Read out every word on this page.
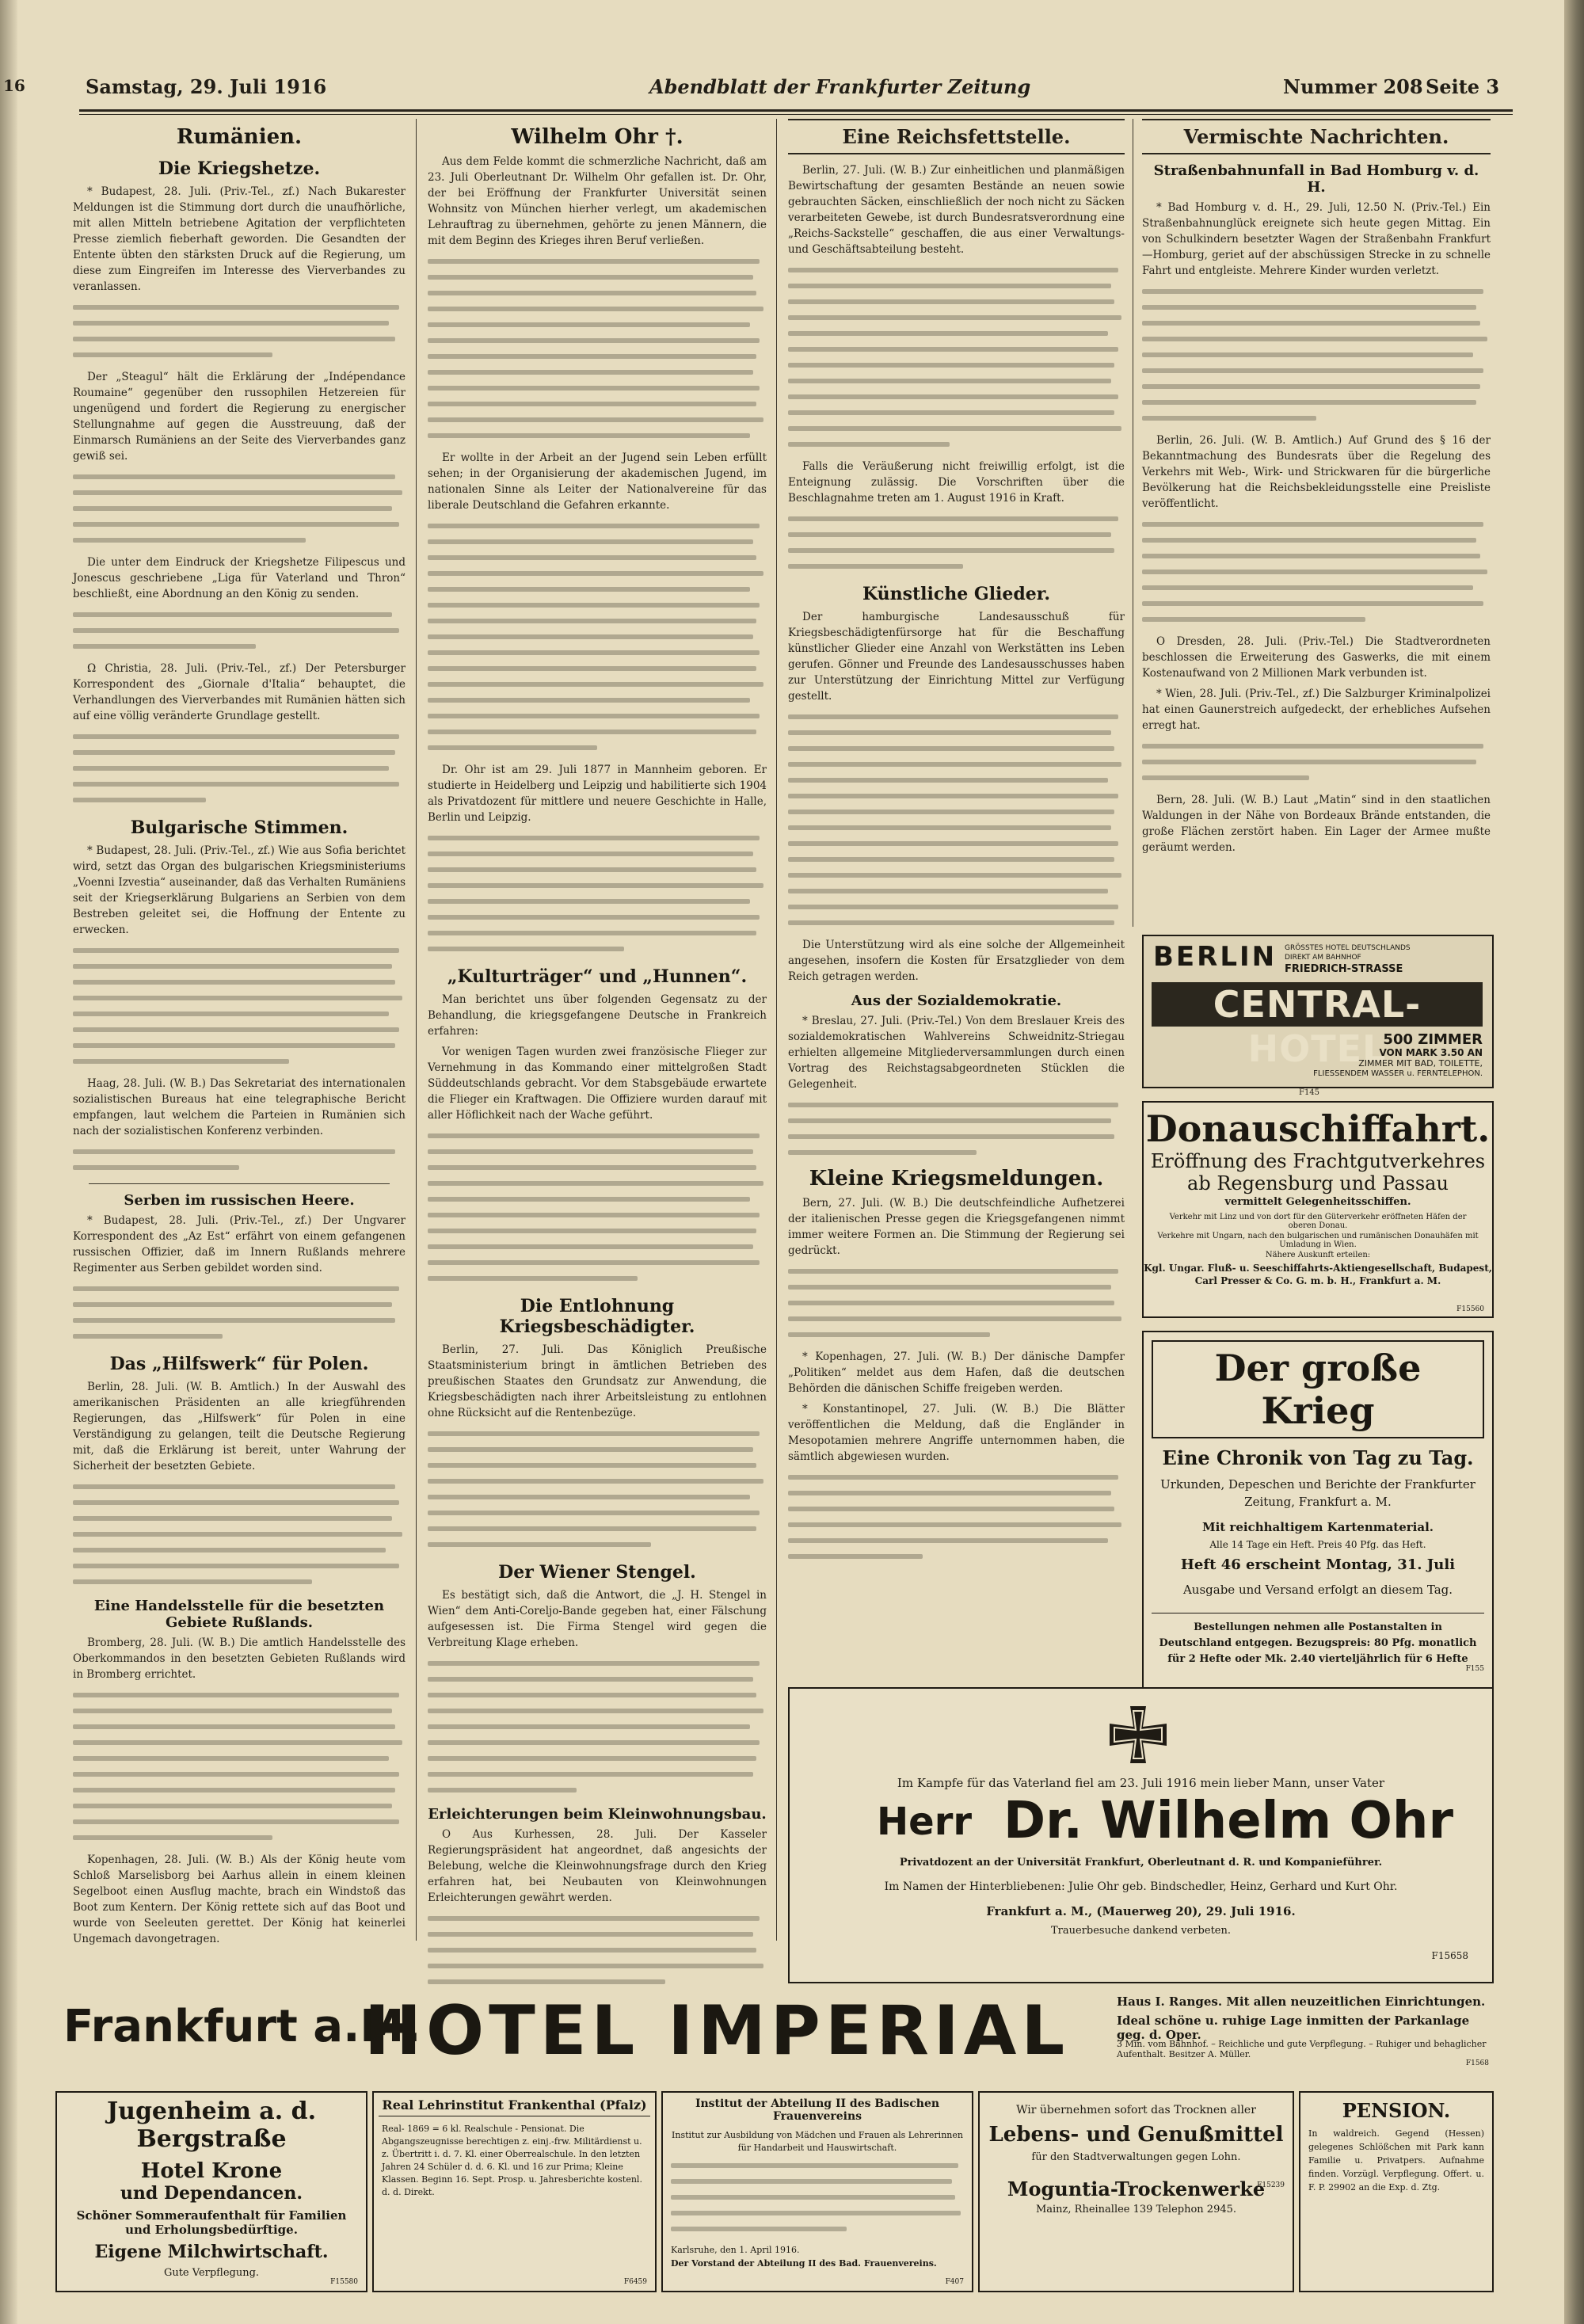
16	Samstag, 29. Juli 1916	Abendblatt der Frankfurter Zeitung	Nummer 208 Seite 3
Rumänien.
Die Kriegshetze.

* Budapest, 28. Juli. (Priv.-Tel., zf.) Nach Bukarester Meldungen ist die Stimmung dort durch die unaufhörliche, mit allen Mitteln betriebene Agitation der verpflichteten Presse ziemlich fieberhaft geworden. Die Gesandten der Entente übten den stärksten Druck auf die Regierung, um diese zum Eingreifen im Interesse des Vierverbandes zu veranlassen.

Der „Steagul“ hält die Erklärung der „Indépendance Roumaine“ gegenüber den russophilen Hetzereien für ungenügend und fordert die Regierung zu energischer Stellungnahme auf gegen die Ausstreuung, daß der Einmarsch Rumäniens an der Seite des Vierverbandes ganz gewiß sei.

Die unter dem Eindruck der Kriegshetze Filipescus und Jonescus geschriebene „Liga für Vaterland und Thron“ beschließt, eine Abordnung an den König zu senden.

Ω Christia, 28. Juli. (Priv.-Tel., zf.) Der Petersburger Korrespondent des „Giornale d'Italia“ behauptet, die Verhandlungen des Vierverbandes mit Rumänien hätten sich auf eine völlig veränderte Grundlage gestellt.

Bulgarische Stimmen.

* Budapest, 28. Juli. (Priv.-Tel., zf.) Wie aus Sofia berichtet wird, setzt das Organ des bulgarischen Kriegsministeriums „Voenni Izvestia“ auseinander, daß das Verhalten Rumäniens seit der Kriegserklärung Bulgariens an Serbien von dem Bestreben geleitet sei, die Hoffnung der Entente zu erwecken.

Haag, 28. Juli. (W. B.) Das Sekretariat des internationalen sozialistischen Bureaus hat eine telegraphische Bericht empfangen, laut welchem die Parteien in Rumänien sich nach der sozialistischen Konferenz verbinden.

Serben im russischen Heere.

* Budapest, 28. Juli. (Priv.-Tel., zf.) Der Ungvarer Korrespondent des „Az Est“ erfährt von einem gefangenen russischen Offizier, daß im Innern Rußlands mehrere Regimenter aus Serben gebildet worden sind.

Das „Hilfswerk“ für Polen.

Berlin, 28. Juli. (W. B. Amtlich.) In der Auswahl des amerikanischen Präsidenten an alle kriegführenden Regierungen, das „Hilfswerk“ für Polen in eine Verständigung zu gelangen, teilt die Deutsche Regierung mit, daß die Erklärung ist bereit, unter Wahrung der Sicherheit der besetzten Gebiete.

Eine Handelsstelle für die besetzten Gebiete Rußlands.

Bromberg, 28. Juli. (W. B.) Die amtlich Handelsstelle des Oberkommandos in den besetzten Gebieten Rußlands wird in Bromberg errichtet.

Kopenhagen, 28. Juli. (W. B.) Als der König heute vom Schloß Marselisborg bei Aarhus allein in einem kleinen Segelboot einen Ausflug machte, brach ein Windstoß das Boot zum Kentern. Der König rettete sich auf das Boot und wurde von Seeleuten gerettet. Der König hat keinerlei Ungemach davongetragen.

Wilhelm Ohr †.

Aus dem Felde kommt die schmerzliche Nachricht, daß am 23. Juli Oberleutnant Dr. Wilhelm Ohr gefallen ist. Dr. Ohr, der bei Eröffnung der Frankfurter Universität seinen Wohnsitz von München hierher verlegt, um akademischen Lehrauftrag zu übernehmen, gehörte zu jenen Männern, die mit dem Beginn des Krieges ihren Beruf verließen.

Er wollte in der Arbeit an der Jugend sein Leben erfüllt sehen; in der Organisierung der akademischen Jugend, im nationalen Sinne als Leiter der Nationalvereine für das liberale Deutschland die Gefahren erkannte.

Dr. Ohr ist am 29. Juli 1877 in Mannheim geboren. Er studierte in Heidelberg und Leipzig und habilitierte sich 1904 als Privatdozent für mittlere und neuere Geschichte in Halle, Berlin und Leipzig.

„Kulturträger“ und „Hunnen“.

Man berichtet uns über folgenden Gegensatz zu der Behandlung, die kriegsgefangene Deutsche in Frankreich erfahren:

Vor wenigen Tagen wurden zwei französische Flieger zur Vernehmung in das Kommando einer mittelgroßen Stadt Süddeutschlands gebracht. Vor dem Stabsgebäude erwartete die Flieger ein Kraftwagen. Die Offiziere wurden darauf mit aller Höflichkeit nach der Wache geführt.

Die Entlohnung Kriegsbeschädigter.

Berlin, 27. Juli. Das Königlich Preußische Staatsministerium bringt in ämtlichen Betrieben des preußischen Staates den Grundsatz zur Anwendung, die Kriegsbeschädigten nach ihrer Arbeitsleistung zu entlohnen ohne Rücksicht auf die Rentenbezüge.

Der Wiener Stengel.

Es bestätigt sich, daß die Antwort, die „J. H. Stengel in Wien“ dem Anti-Coreljo-Bande gegeben hat, einer Fälschung aufgesessen ist. Die Firma Stengel wird gegen die Verbreitung Klage erheben.

Erleichterungen beim Kleinwohnungsbau.

O Aus Kurhessen, 28. Juli. Der Kasseler Regierungspräsident hat angeordnet, daß angesichts der Belebung, welche die Kleinwohnungsfrage durch den Krieg erfahren hat, bei Neubauten von Kleinwohnungen Erleichterungen gewährt werden.

Eine Reichsfettstelle.

Berlin, 27. Juli. (W. B.) Zur einheitlichen und planmäßigen Bewirtschaftung der gesamten Bestände an neuen sowie gebrauchten Säcken, einschließlich der noch nicht zu Säcken verarbeiteten Gewebe, ist durch Bundesratsverordnung eine „Reichs-Sackstelle“ geschaffen, die aus einer Verwaltungs- und Geschäftsabteilung besteht.

Falls die Veräußerung nicht freiwillig erfolgt, ist die Enteignung zulässig. Die Vorschriften über die Beschlagnahme treten am 1. August 1916 in Kraft.

Künstliche Glieder.

Der hamburgische Landesausschuß für Kriegsbeschädigtenfürsorge hat für die Beschaffung künstlicher Glieder eine Anzahl von Werkstätten ins Leben gerufen. Gönner und Freunde des Landesausschusses haben zur Unterstützung der Einrichtung Mittel zur Verfügung gestellt.

Die Unterstützung wird als eine solche der Allgemeinheit angesehen, insofern die Kosten für Ersatzglieder von dem Reich getragen werden.

Aus der Sozialdemokratie.

* Breslau, 27. Juli. (Priv.-Tel.) Von dem Breslauer Kreis des sozialdemokratischen Wahlvereins Schweidnitz-Striegau erhielten allgemeine Mitgliederversammlungen durch einen Vortrag des Reichstagsabgeordneten Stücklen die Gelegenheit.

Kleine Kriegsmeldungen.

Bern, 27. Juli. (W. B.) Die deutschfeindliche Aufhetzerei der italienischen Presse gegen die Kriegsgefangenen nimmt immer weitere Formen an. Die Stimmung der Regierung sei gedrückt.

* Kopenhagen, 27. Juli. (W. B.) Der dänische Dampfer „Politiken“ meldet aus dem Hafen, daß die deutschen Behörden die dänischen Schiffe freigeben werden.

* Konstantinopel, 27. Juli. (W. B.) Die Blätter veröffentlichen die Meldung, daß die Engländer in Mesopotamien mehrere Angriffe unternommen haben, die sämtlich abgewiesen wurden.

Vermischte Nachrichten.
Straßenbahnunfall in Bad Homburg v. d. H.

* Bad Homburg v. d. H., 29. Juli, 12.50 N. (Priv.-Tel.) Ein Straßenbahnunglück ereignete sich heute gegen Mittag. Ein von Schulkindern besetzter Wagen der Straßenbahn Frankfurt—Homburg, geriet auf der abschüssigen Strecke in zu schnelle Fahrt und entgleiste. Mehrere Kinder wurden verletzt.

Berlin, 26. Juli. (W. B. Amtlich.) Auf Grund des § 16 der Bekanntmachung des Bundesrats über die Regelung des Verkehrs mit Web-, Wirk- und Strickwaren für die bürgerliche Bevölkerung hat die Reichsbekleidungsstelle eine Preisliste veröffentlicht.

O Dresden, 28. Juli. (Priv.-Tel.) Die Stadtverordneten beschlossen die Erweiterung des Gaswerks, die mit einem Kostenaufwand von 2 Millionen Mark verbunden ist.

* Wien, 28. Juli. (Priv.-Tel., zf.) Die Salzburger Kriminalpolizei hat einen Gaunerstreich aufgedeckt, der erhebliches Aufsehen erregt hat.

Bern, 28. Juli. (W. B.) Laut „Matin“ sind in den staatlichen Waldungen in der Nähe von Bordeaux Brände entstanden, die große Flächen zerstört haben. Ein Lager der Armee mußte geräumt werden.

BERLIN GRÖSSTES HOTEL DEUTSCHLANDS
DIREKT AM BAHNHOF
FRIEDRICH-STRASSE
CENTRAL-HOTEL
500 ZIMMER
VON MARK 3.50 AN
ZIMMER MIT BAD, TOILETTE,
FLIESSENDEM WASSER u. FERNTELEPHON.
F145
Donauschiffahrt.
Eröffnung des Frachtgutverkehres
ab Regensburg und Passau
vermittelt Gelegenheitsschiffen.
Verkehr mit Linz und von dort für den Güterverkehr eröffneten Häfen der oberen Donau.
Verkehre mit Ungarn, nach den bulgarischen und rumänischen Donauhäfen mit Umladung in Wien.
Nähere Auskunft erteilen:
Kgl. Ungar. Fluß- u. Seeschiffahrts-Aktiengesellschaft, Budapest,
Carl Presser & Co. G. m. b. H., Frankfurt a. M.
F15560
Der große Krieg
Eine Chronik von Tag zu Tag.
Urkunden, Depeschen und Berichte der Frankfurter Zeitung, Frankfurt a. M.
Mit reichhaltigem Kartenmaterial.
Alle 14 Tage ein Heft. Preis 40 Pfg. das Heft.
Heft 46 erscheint Montag, 31. Juli
Ausgabe und Versand erfolgt an diesem Tag.
Bestellungen nehmen alle Postanstalten in Deutschland entgegen. Bezugspreis: 80 Pfg. monatlich für 2 Hefte oder Mk. 2.40 vierteljährlich für 6 Hefte
F155
Im Kampfe für das Vaterland fiel am 23. Juli 1916 mein lieber Mann, unser Vater
Herr Dr. Wilhelm Ohr
Privatdozent an der Universität Frankfurt, Oberleutnant d. R. und Kompanieführer.
Im Namen der Hinterbliebenen: Julie Ohr geb. Bindschedler, Heinz, Gerhard und Kurt Ohr.
Frankfurt a. M., (Mauerweg 20), 29. Juli 1916.
Trauerbesuche dankend verbeten.
F15658
Frankfurt a.M.
HOTEL IMPERIAL	Haus I. Ranges. Mit allen neuzeitlichen Einrichtungen.
Ideal schöne u. ruhige Lage inmitten der Parkanlage geg. d. Oper.
3 Min. vom Bahnhof. – Reichliche und gute Verpflegung. – Ruhiger und behaglicher Aufenthalt. Besitzer A. Müller.
F1568
Jugenheim a. d. Bergstraße
Hotel Krone
und Dependancen.
Schöner Sommeraufenthalt für Familien und Erholungsbedürftige.
Eigene Milchwirtschaft.
Gute Verpflegung.
F15580
Real Lehrinstitut Frankenthal (Pfalz)
Real- 1869 = 6 kl. Realschule - Pensionat. Die Abgangszeugnisse berechtigen z. einj.-frw. Militärdienst u. z. Übertritt i. d. 7. Kl. einer Oberrealschule. In den letzten Jahren 24 Schüler d. d. 6. Kl. und 16 zur Prima; Kleine Klassen. Beginn 16. Sept. Prosp. u. Jahresberichte kostenl. d. d. Direkt.
F6459
Institut der Abteilung II des Badischen Frauenvereins
Institut zur Ausbildung von Mädchen und Frauen als Lehrerinnen für Handarbeit und Hauswirtschaft.
Karlsruhe, den 1. April 1916.
Der Vorstand der Abteilung II des Bad. Frauenvereins.
F407
Wir übernehmen sofort das Trocknen aller
Lebens- und Genußmittel
für den Stadtverwaltungen gegen Lohn.
Moguntia-Trockenwerke
Mainz, Rheinallee 139 Telephon 2945.
F15239
PENSION.
In waldreich. Gegend (Hessen) gelegenes Schlößchen mit Park kann Familie u. Privatpers. Aufnahme finden. Vorzügl. Verpflegung. Offert. u. F. P. 29902 an die Exp. d. Ztg.
